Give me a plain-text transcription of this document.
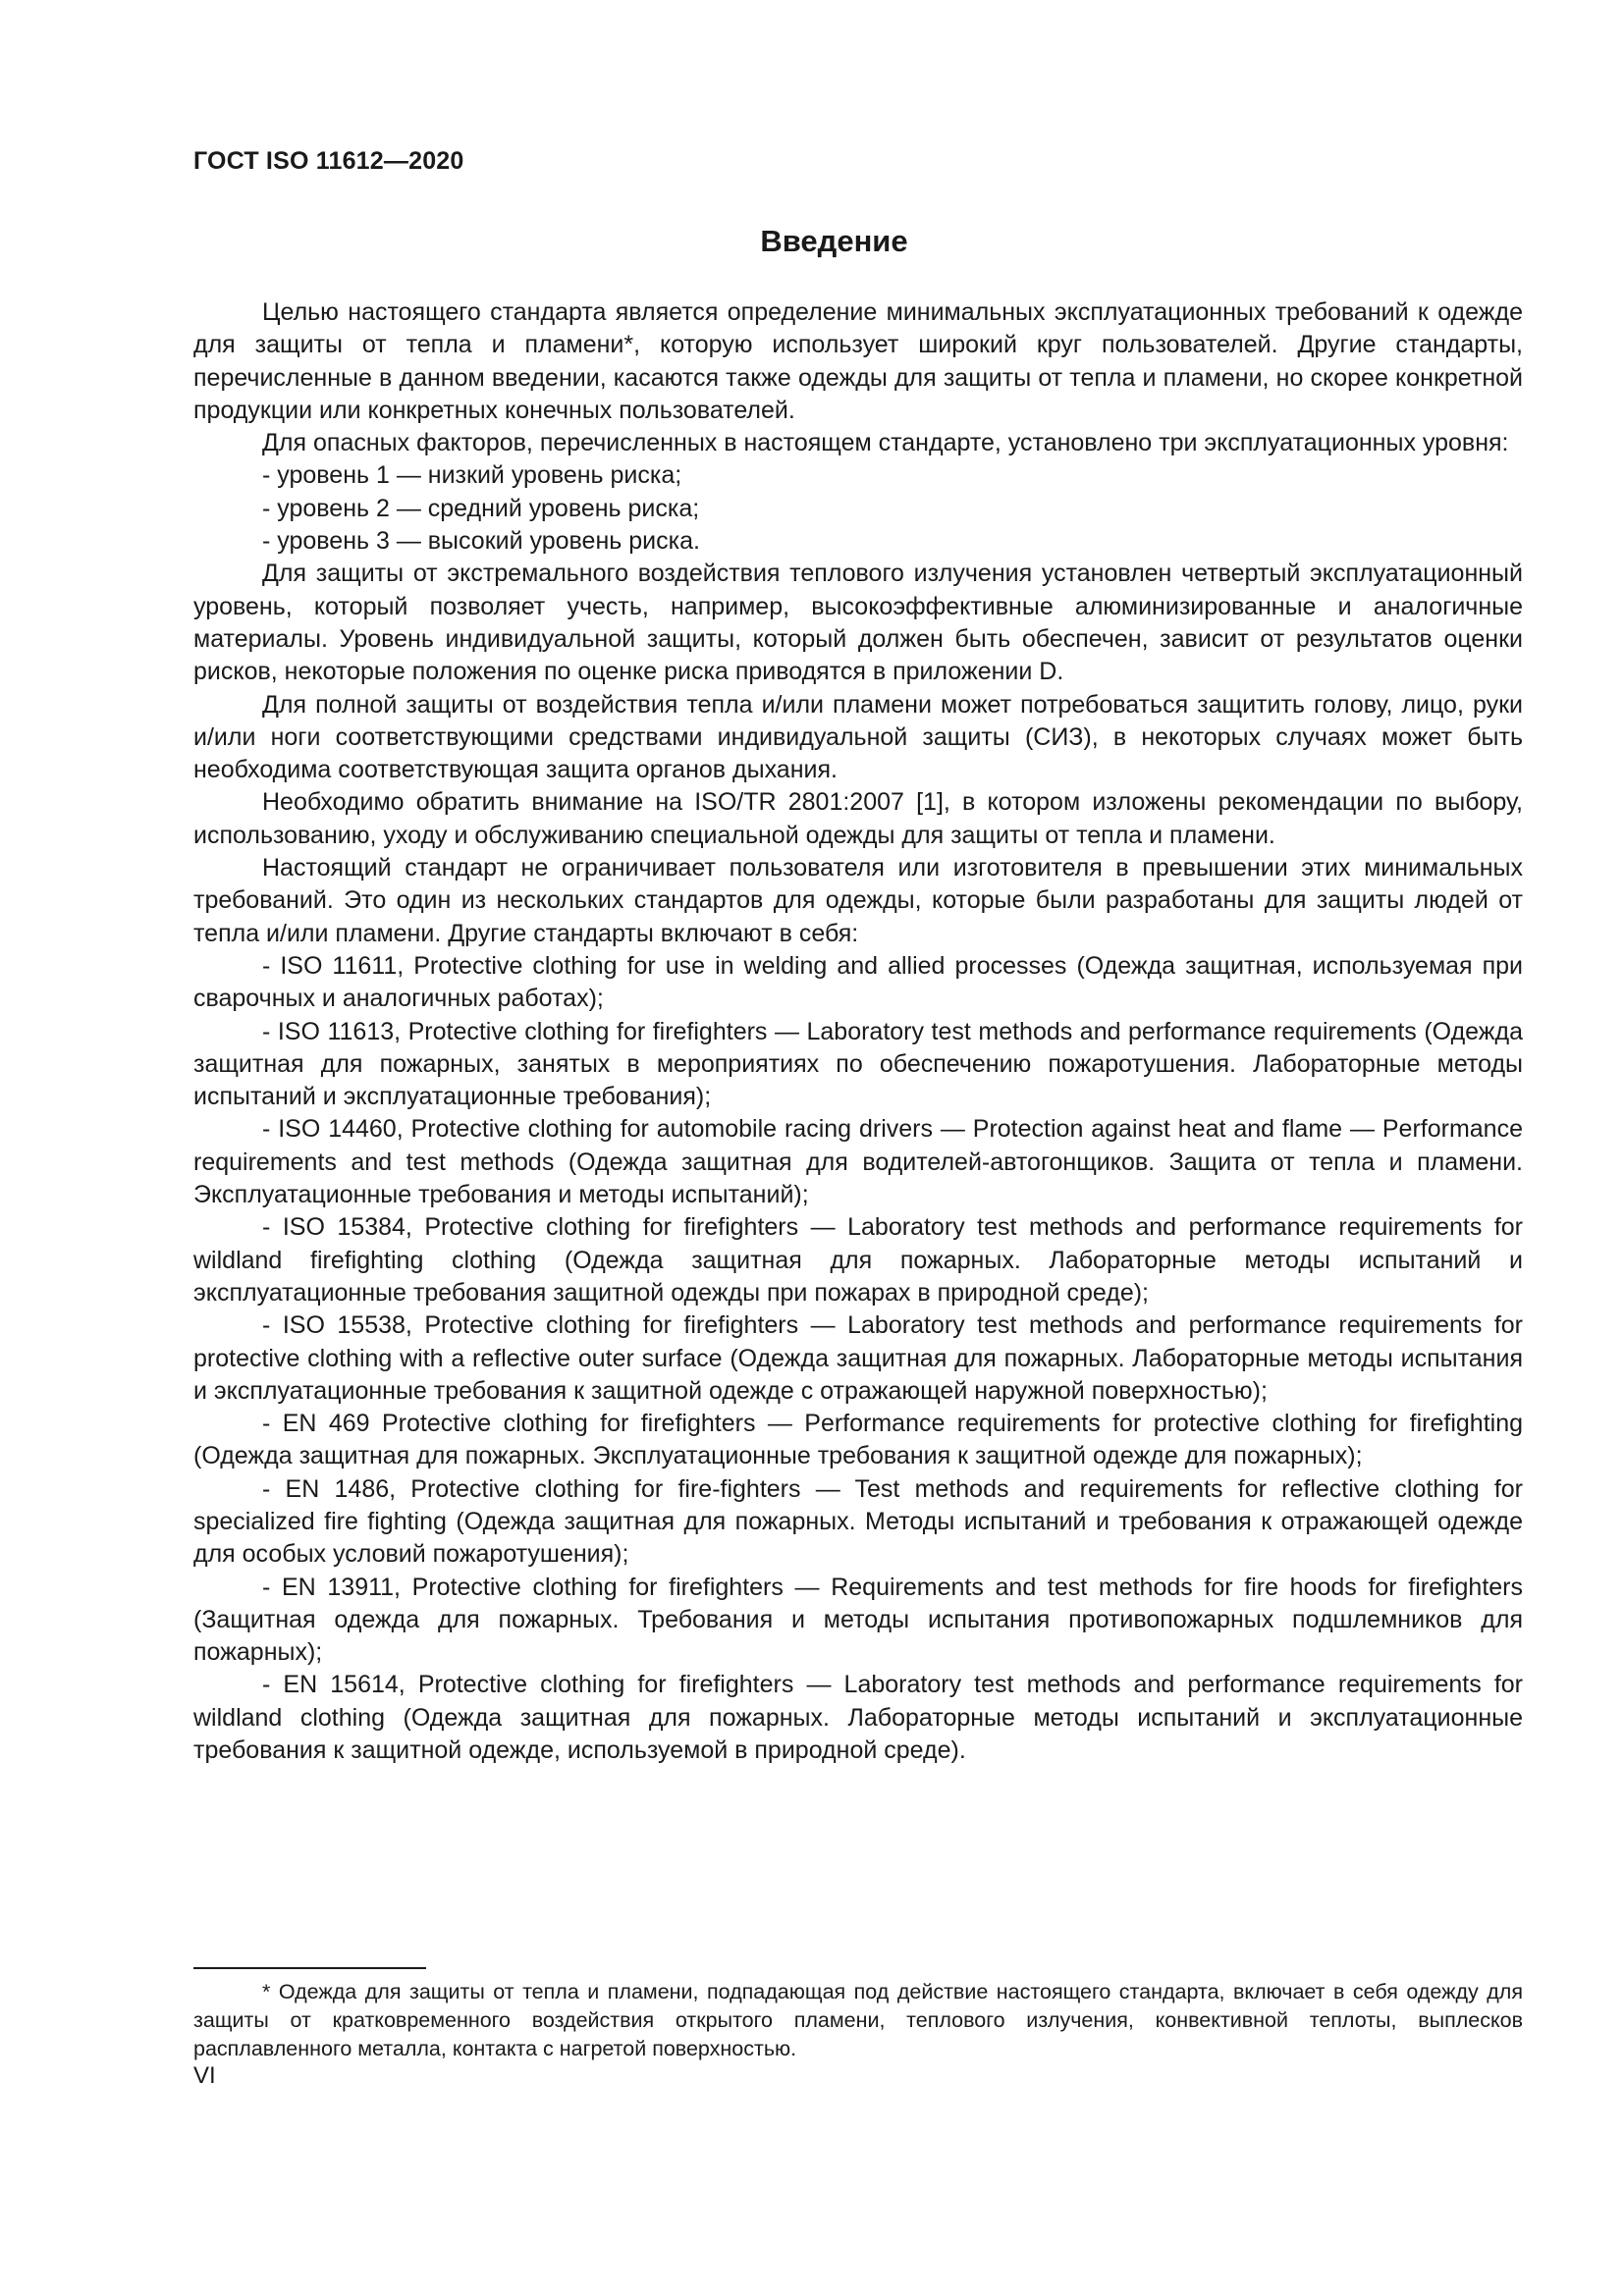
ГОСТ ISO 11612—2020
Введение

Целью настоящего стандарта является определение минимальных эксплуатационных требований к одежде для защиты от тепла и пламени*, которую использует широкий круг пользователей. Другие стандарты, перечисленные в данном введении, касаются также одежды для защиты от тепла и пламени, но скорее конкретной продукции или конкретных конечных пользователей.

Для опасных факторов, перечисленных в настоящем стандарте, установлено три эксплуатационных уровня:

- уровень 1 — низкий уровень риска;

- уровень 2 — средний уровень риска;

- уровень 3 — высокий уровень риска.

Для защиты от экстремального воздействия теплового излучения установлен четвертый эксплуатационный уровень, который позволяет учесть, например, высокоэффективные алюминизированные и аналогичные материалы. Уровень индивидуальной защиты, который должен быть обеспечен, зависит от результатов оценки рисков, некоторые положения по оценке риска приводятся в приложении D.

Для полной защиты от воздействия тепла и/или пламени может потребоваться защитить голову, лицо, руки и/или ноги соответствующими средствами индивидуальной защиты (СИЗ), в некоторых случаях может быть необходима соответствующая защита органов дыхания.

Необходимо обратить внимание на ISO/TR 2801:2007 [1], в котором изложены рекомендации по выбору, использованию, уходу и обслуживанию специальной одежды для защиты от тепла и пламени.

Настоящий стандарт не ограничивает пользователя или изготовителя в превышении этих минимальных требований. Это один из нескольких стандартов для одежды, которые были разработаны для защиты людей от тепла и/или пламени. Другие стандарты включают в себя:

- ISO 11611, Protective clothing for use in welding and allied processes (Одежда защитная, используемая при сварочных и аналогичных работах);

- ISO 11613, Protective clothing for firefighters — Laboratory test methods and performance requirements (Одежда защитная для пожарных, занятых в мероприятиях по обеспечению пожаротушения. Лабораторные методы испытаний и эксплуатационные требования);

- ISO 14460, Protective clothing for automobile racing drivers — Protection against heat and flame — Performance requirements and test methods (Одежда защитная для водителей-автогонщиков. Защита от тепла и пламени. Эксплуатационные требования и методы испытаний);

- ISO 15384, Protective clothing for firefighters — Laboratory test methods and performance requirements for wildland firefighting clothing (Одежда защитная для пожарных. Лабораторные методы испытаний и эксплуатационные требования защитной одежды при пожарах в природной среде);

- ISO 15538, Protective clothing for firefighters — Laboratory test methods and performance requirements for protective clothing with a reflective outer surface (Одежда защитная для пожарных. Лабораторные методы испытания и эксплуатационные требования к защитной одежде с отражающей наружной поверхностью);

- EN 469 Protective clothing for firefighters — Performance requirements for protective clothing for firefighting (Одежда защитная для пожарных. Эксплуатационные требования к защитной одежде для пожарных);

- EN 1486, Protective clothing for fire-fighters — Test methods and requirements for reflective clothing for specialized fire fighting (Одежда защитная для пожарных. Методы испытаний и требования к отражающей одежде для особых условий пожаротушения);

- EN 13911, Protective clothing for firefighters — Requirements and test methods for fire hoods for firefighters (Защитная одежда для пожарных. Требования и методы испытания противопожарных подшлемников для пожарных);

- EN 15614, Protective clothing for firefighters — Laboratory test methods and performance requirements for wildland clothing (Одежда защитная для пожарных. Лабораторные методы испытаний и эксплуатационные требования к защитной одежде, используемой в природной среде).

* Одежда для защиты от тепла и пламени, подпадающая под действие настоящего стандарта, включает в себя одежду для защиты от кратковременного воздействия открытого пламени, теплового излучения, конвективной теплоты, выплесков расплавленного металла, контакта с нагретой поверхностью.

VI
